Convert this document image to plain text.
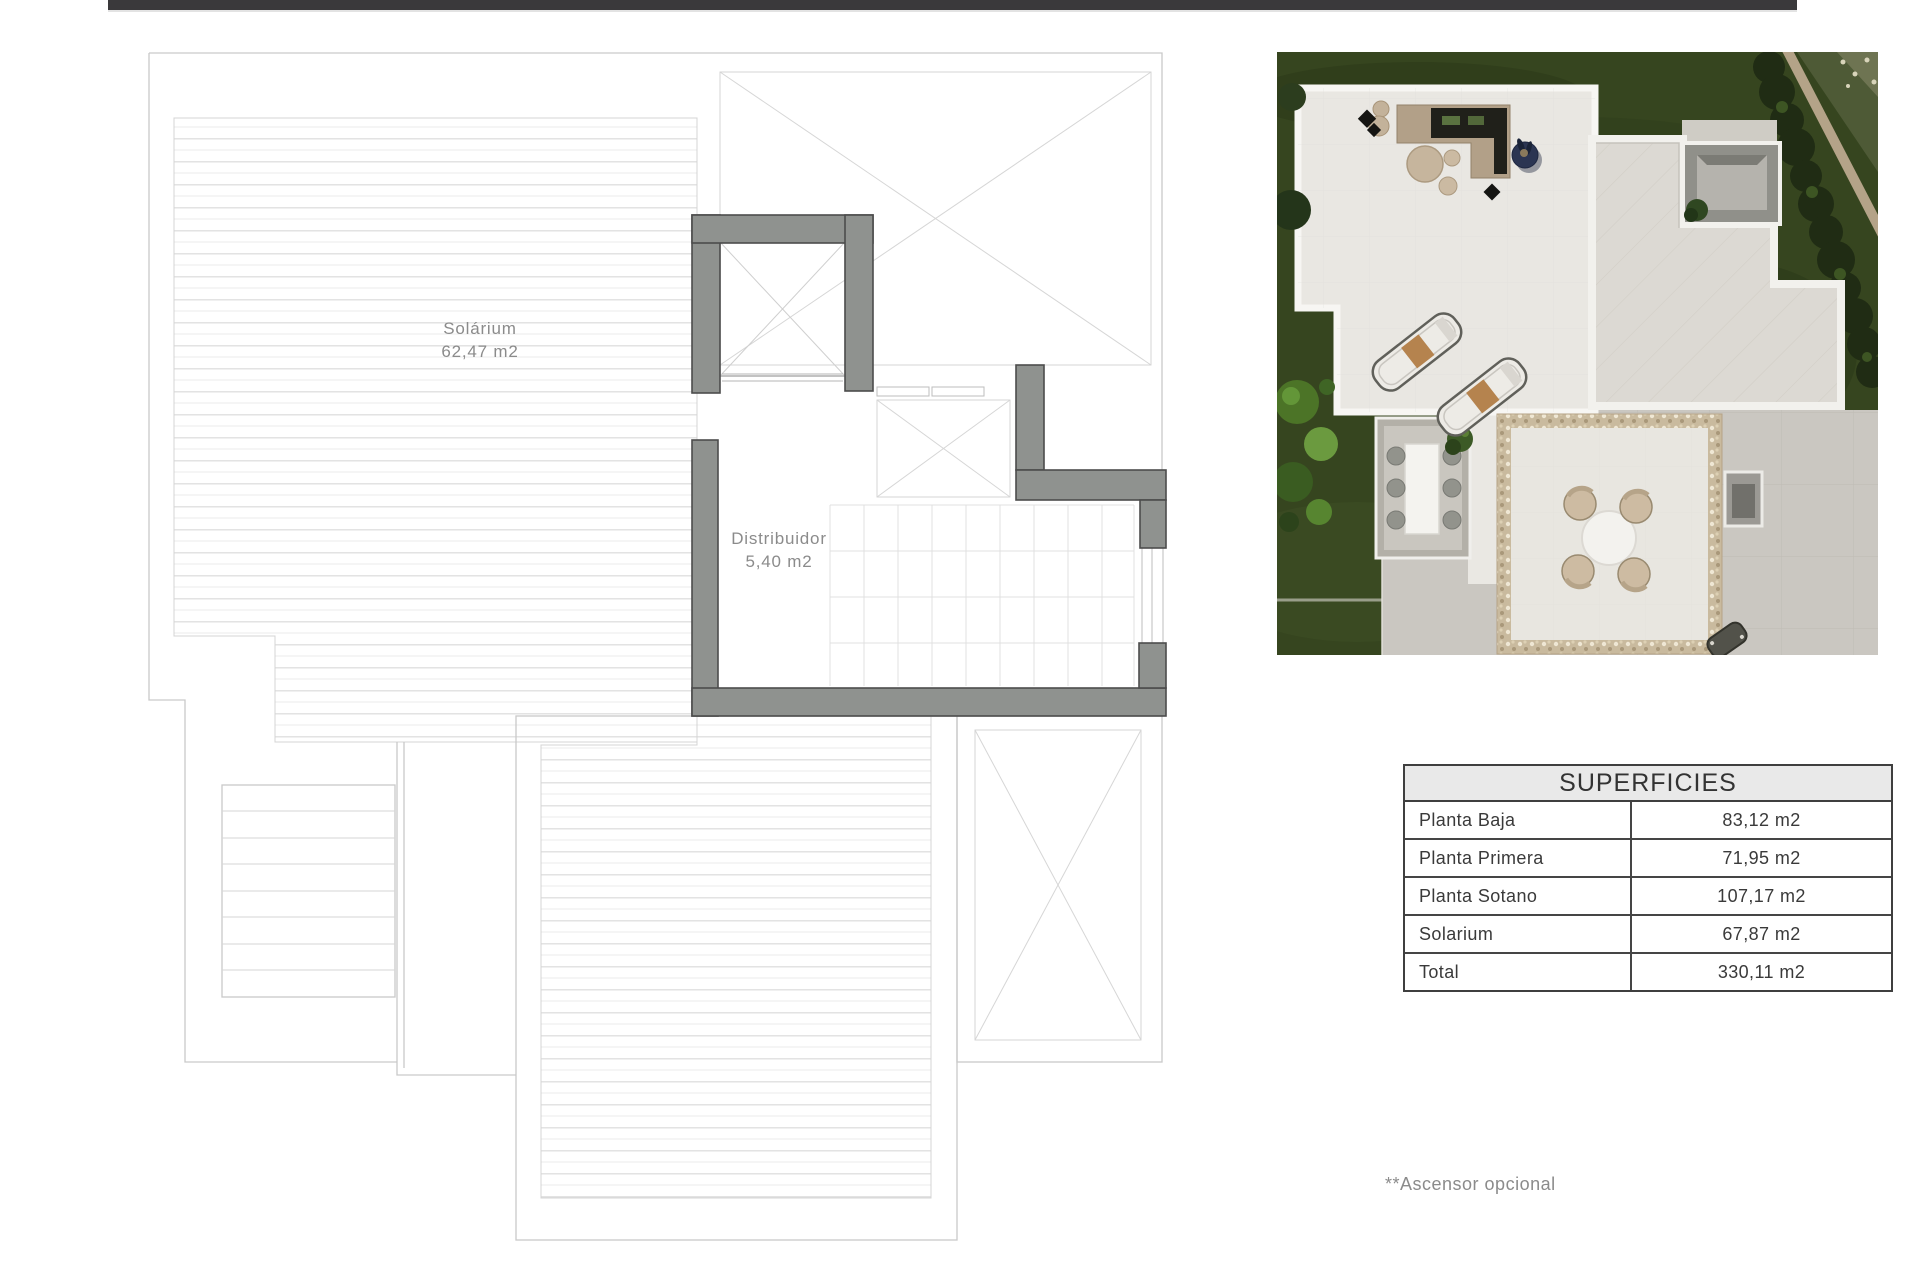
Solárium
62,47 m2
Distribuidor
5,40 m2
SUPERFICIES
Planta Baja	83,12 m2
Planta Primera	71,95 m2
Planta Sotano	107,17 m2
Solarium	67,87 m2
Total	330,11 m2
**Ascensor opcional
